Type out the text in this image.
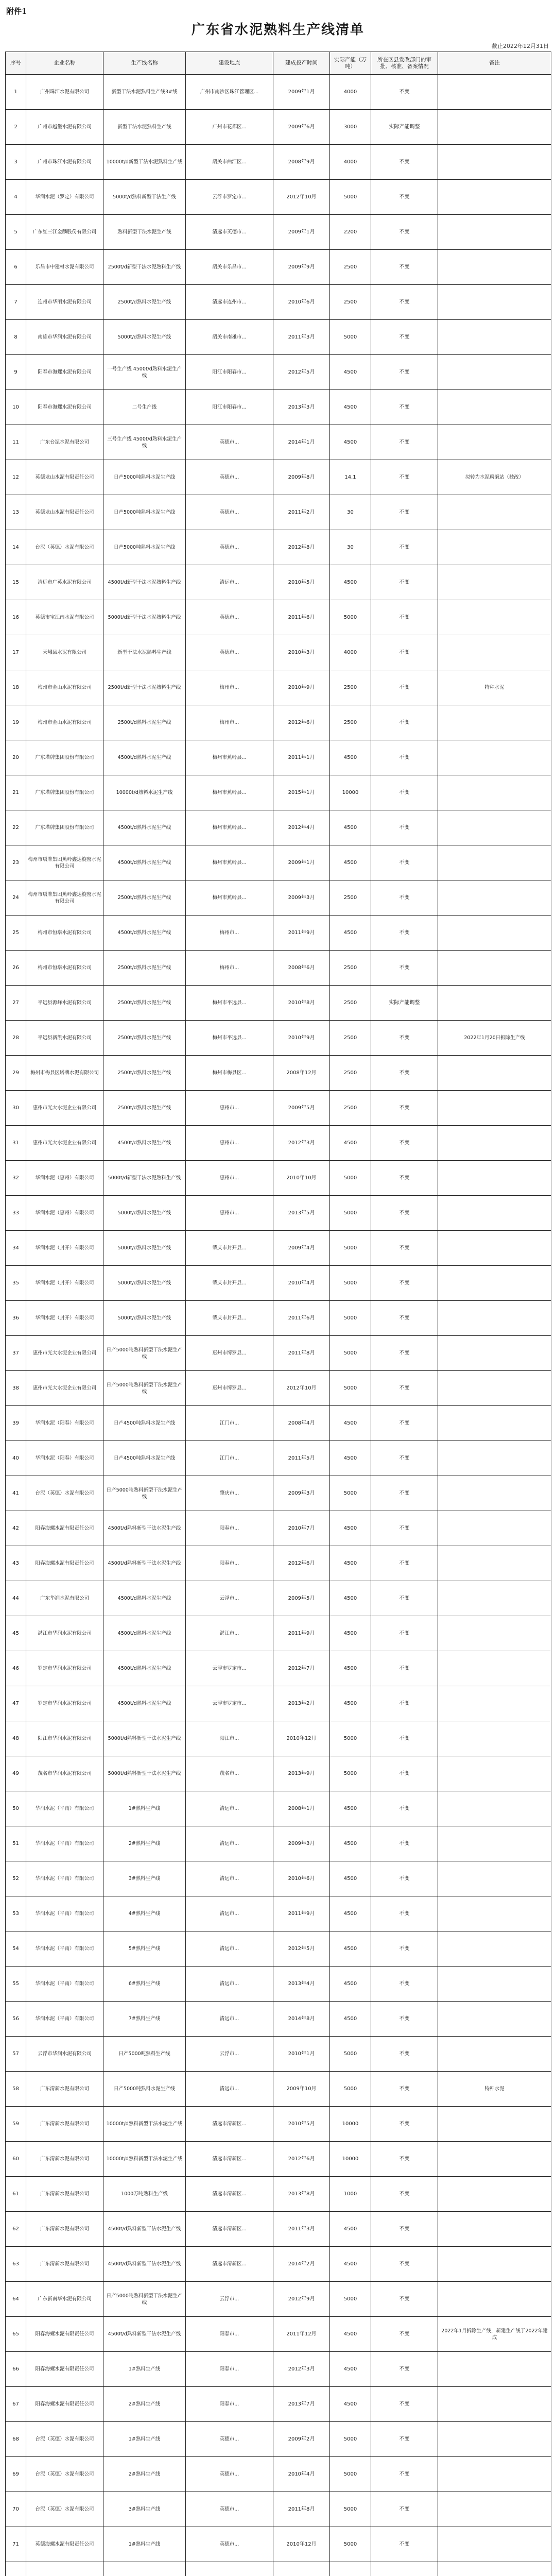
附件1
广东省水泥熟料生产线清单
截止2022年12月31日
序号	企业名称	生产线名称	建设地点	建成投产时间	实际产能（万吨）	所在区县发改部门的审批、核准、备案情况	备注
1	广州珠江水泥有限公司	新型干法水泥熟料生产线3#线	广州市南沙区珠江管理区...	2009年1月	4000	不变	
2	广州市越堡水泥有限公司	新型干法水泥熟料生产线	广州市花都区...	2009年6月	3000	实际产能调整	
3	广州市珠江水泥有限公司	10000t/d新型干法水泥熟料生产线	韶关市曲江区...	2008年9月	4000	不变	
4	华润水泥（罗定）有限公司	5000t/d熟料新型干法生产线	云浮市罗定市...	2012年10月	5000	不变	
5	广东红三江金麟股份有限公司	熟料新型干法水泥生产线	清远市英德市...	2009年1月	2200	不变	
6	乐昌市中建材水泥有限公司	2500t/d新型干法水泥熟料生产线	韶关市乐昌市...	2009年9月	2500	不变	
7	连州市华丽水泥有限公司	2500t/d熟料水泥生产线	清远市连州市...	2010年6月	2500	不变	
8	南雄市华润水泥有限公司	5000t/d熟料水泥生产线	韶关市南雄市...	2011年3月	5000	不变	
9	阳春市海螺水泥有限公司	一号生产线 4500t/d熟料水泥生产线	阳江市阳春市...	2012年5月	4500	不变	
10	阳春市海螺水泥有限公司	二号生产线	阳江市阳春市...	2013年3月	4500	不变	
11	广东台泥水泥有限公司	三号生产线 4500t/d熟料水泥生产线	英德市...	2014年1月	4500	不变	
12	英德龙山水泥有限责任公司	日产5000吨熟料水泥生产线	英德市...	2009年8月	14.1	不变	拟转为水泥粉磨站（技改）
13	英德龙山水泥有限责任公司	日产5000吨熟料水泥生产线	英德市...	2011年2月	30	不变	
14	台泥（英德）水泥有限公司	日产5000吨熟料水泥生产线	英德市...	2012年8月	30	不变	
15	清远市广英水泥有限公司	4500t/d新型干法水泥熟料生产线	清远市...	2010年5月	4500	不变	
16	英德市宝江南水泥有限公司	5000t/d新型干法水泥熟料生产线	英德市...	2011年6月	5000	不变	
17	天峨县水泥有限公司	新型干法水泥熟料生产线	英德市...	2010年3月	4000	不变	
18	梅州市金山水泥有限公司	2500t/d新型干法水泥熟料生产线	梅州市...	2010年9月	2500	不变	特种水泥
19	梅州市金山水泥有限公司	2500t/d熟料水泥生产线	梅州市...	2012年6月	2500	不变	
20	广东塔牌集团股份有限公司	4500t/d熟料水泥生产线	梅州市蕉岭县...	2011年1月	4500	不变	
21	广东塔牌集团股份有限公司	10000t/d熟料水泥生产线	梅州市蕉岭县...	2015年1月	10000	不变	
22	广东塔牌集团股份有限公司	4500t/d熟料水泥生产线	梅州市蕉岭县...	2012年4月	4500	不变	
23	梅州市塔牌集团蕉岭鑫达旋窑水泥有限公司	4500t/d熟料水泥生产线	梅州市蕉岭县...	2009年1月	4500	不变	
24	梅州市塔牌集团蕉岭鑫达旋窑水泥有限公司	2500t/d熟料水泥生产线	梅州市蕉岭县...	2009年3月	2500	不变	
25	梅州市恒塔水泥有限公司	4500t/d熟料水泥生产线	梅州市...	2011年9月	4500	不变	
26	梅州市恒塔水泥有限公司	2500t/d熟料水泥生产线	梅州市...	2008年6月	2500	不变	
27	平远县源峰水泥有限公司	2500t/d熟料水泥生产线	梅州市平远县...	2010年8月	2500	实际产能调整	
28	平远县新凯水泥有限公司	2500t/d熟料水泥生产线	梅州市平远县...	2010年9月	2500	不变	2022年1月20日拆除生产线
29	梅州市梅县区塔牌水泥有限公司	2500t/d熟料水泥生产线	梅州市梅县区...	2008年12月	2500	不变	
30	惠州市光大水泥企业有限公司	2500t/d熟料水泥生产线	惠州市...	2009年5月	2500	不变	
31	惠州市光大水泥企业有限公司	4500t/d熟料水泥生产线	惠州市...	2012年3月	4500	不变	
32	华润水泥（惠州）有限公司	5000t/d新型干法水泥熟料生产线	惠州市...	2010年10月	5000	不变	
33	华润水泥（惠州）有限公司	5000t/d熟料水泥生产线	惠州市...	2013年5月	5000	不变	
34	华润水泥（封开）有限公司	5000t/d熟料水泥生产线	肇庆市封开县...	2009年4月	5000	不变	
35	华润水泥（封开）有限公司	5000t/d熟料水泥生产线	肇庆市封开县...	2010年4月	5000	不变	
36	华润水泥（封开）有限公司	5000t/d熟料水泥生产线	肇庆市封开县...	2011年6月	5000	不变	
37	惠州市光大水泥企业有限公司	日产5000吨熟料新型干法水泥生产线	惠州市博罗县...	2011年8月	5000	不变	
38	惠州市光大水泥企业有限公司	日产5000吨熟料新型干法水泥生产线	惠州市博罗县...	2012年10月	5000	不变	
39	华润水泥（阳春）有限公司	日产4500吨熟料水泥生产线	江门市...	2008年4月	4500	不变	
40	华润水泥（阳春）有限公司	日产4500吨熟料水泥生产线	江门市...	2011年5月	4500	不变	
41	台泥（英德）水泥有限公司	日产5000吨熟料新型干法水泥生产线	肇庆市...	2009年3月	5000	不变	
42	阳春海螺水泥有限责任公司	4500t/d熟料新型干法水泥生产线	阳春市...	2010年7月	4500	不变	
43	阳春海螺水泥有限责任公司	4500t/d熟料新型干法水泥生产线	阳春市...	2012年6月	4500	不变	
44	广东华润水泥有限公司	4500t/d熟料水泥生产线	云浮市...	2009年5月	4500	不变	
45	湛江市华润水泥有限公司	4500t/d熟料水泥生产线	湛江市...	2011年9月	4500	不变	
46	罗定市华润水泥有限公司	4500t/d熟料水泥生产线	云浮市罗定市...	2012年7月	4500	不变	
47	罗定市华润水泥有限公司	4500t/d熟料水泥生产线	云浮市罗定市...	2013年2月	4500	不变	
48	阳江市华润水泥有限公司	5000t/d熟料新型干法水泥生产线	阳江市...	2010年12月	5000	不变	
49	茂名市华润水泥有限公司	5000t/d熟料新型干法水泥生产线	茂名市...	2013年9月	5000	不变	
50	华润水泥（平南）有限公司	1#熟料生产线	清远市...	2008年1月	4500	不变	
51	华润水泥（平南）有限公司	2#熟料生产线	清远市...	2009年3月	4500	不变	
52	华润水泥（平南）有限公司	3#熟料生产线	清远市...	2010年6月	4500	不变	
53	华润水泥（平南）有限公司	4#熟料生产线	清远市...	2011年9月	4500	不变	
54	华润水泥（平南）有限公司	5#熟料生产线	清远市...	2012年5月	4500	不变	
55	华润水泥（平南）有限公司	6#熟料生产线	清远市...	2013年4月	4500	不变	
56	华润水泥（平南）有限公司	7#熟料生产线	清远市...	2014年8月	4500	不变	
57	云浮市华润水泥有限公司	日产5000吨熟料生产线	云浮市...	2010年1月	5000	不变	
58	广东清新水泥有限公司	日产5000吨熟料水泥生产线	清远市...	2009年10月	5000	不变	特种水泥
59	广东清新水泥有限公司	10000t/d熟料新型干法水泥生产线	清远市清新区...	2010年5月	10000	不变	
60	广东清新水泥有限公司	10000t/d熟料新型干法水泥生产线	清远市清新区...	2012年6月	10000	不变	
61	广东清新水泥有限公司	1000万吨熟料生产线	清远市清新区...	2013年8月	1000	不变	
62	广东清新水泥有限公司	4500t/d熟料新型干法水泥生产线	清远市清新区...	2011年3月	4500	不变	
63	广东清新水泥有限公司	4500t/d熟料新型干法水泥生产线	清远市清新区...	2014年2月	4500	不变	
64	广东新南华水泥有限公司	日产5000吨熟料新型干法水泥生产线	云浮市...	2012年9月	5000	不变	
65	阳春海螺水泥有限责任公司	4500t/d熟料新型干法水泥生产线	阳春市...	2011年12月	4500	不变	2022年1月拆除生产线，新建生产线于2022年建成
66	阳春海螺水泥有限责任公司	1#熟料生产线	阳春市...	2012年3月	4500	不变	
67	阳春海螺水泥有限责任公司	2#熟料生产线	阳春市...	2013年7月	4500	不变	
68	台泥（英德）水泥有限公司	1#熟料生产线	英德市...	2009年2月	5000	不变	
69	台泥（英德）水泥有限公司	2#熟料生产线	英德市...	2010年4月	5000	不变	
70	台泥（英德）水泥有限公司	3#熟料生产线	英德市...	2011年8月	5000	不变	
71	英德海螺水泥有限责任公司	1#熟料生产线	英德市...	2010年12月	5000	不变	
